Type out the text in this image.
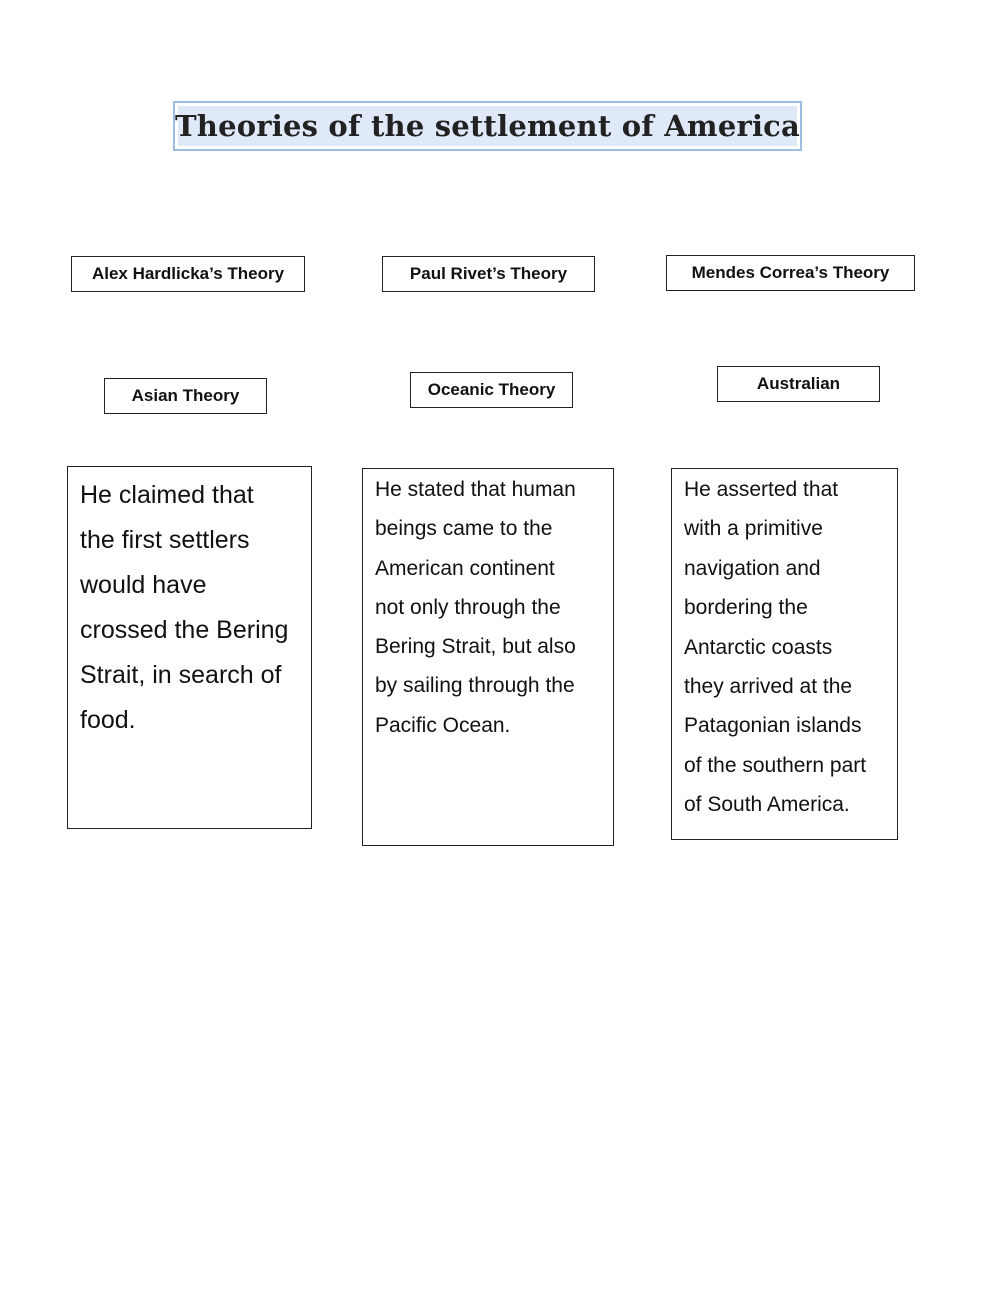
Theories of the settlement of America
Alex Hardlicka’s Theory	Paul Rivet’s Theory	Mendes Correa’s Theory
Asian Theory	Oceanic Theory	Australian

He claimed that
the first settlers
would have
crossed the Bering
Strait, in search of
food.

He stated that human
beings came to the
American continent
not only through the
Bering Strait, but also
by sailing through the
Pacific Ocean.

He asserted that
with a primitive
navigation and
bordering the
Antarctic coasts
they arrived at the
Patagonian islands
of the southern part
of South America.
